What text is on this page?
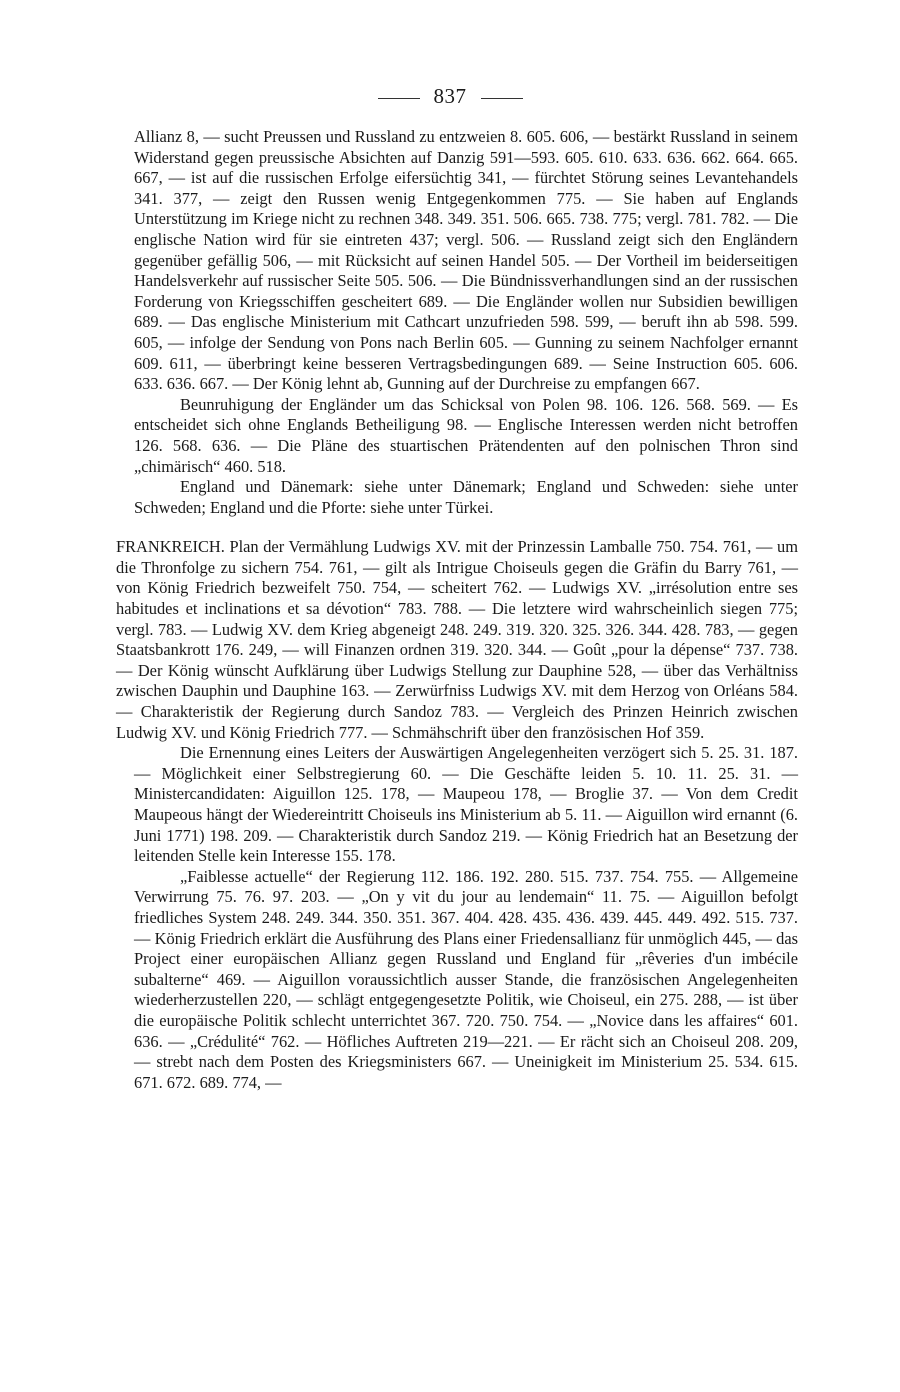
837

Allianz 8, — sucht Preussen und Russland zu entzweien 8. 605. 606, — bestärkt Russland in seinem Widerstand gegen preussische Absichten auf Danzig 591—593. 605. 610. 633. 636. 662. 664. 665. 667, — ist auf die russischen Erfolge eifersüchtig 341, — fürchtet Störung seines Levantehandels 341. 377, — zeigt den Russen wenig Entgegenkommen 775. — Sie haben auf Englands Unterstützung im Kriege nicht zu rechnen 348. 349. 351. 506. 665. 738. 775; vergl. 781. 782. — Die englische Nation wird für sie eintreten 437; vergl. 506. — Russland zeigt sich den Engländern gegenüber gefällig 506, — mit Rücksicht auf seinen Handel 505. — Der Vortheil im beiderseitigen Handelsverkehr auf russischer Seite 505. 506. — Die Bündnissverhandlungen sind an der russischen Forderung von Kriegsschiffen gescheitert 689. — Die Engländer wollen nur Subsidien bewilligen 689. — Das englische Ministerium mit Cathcart unzufrieden 598. 599, — beruft ihn ab 598. 599. 605, — infolge der Sendung von Pons nach Berlin 605. — Gunning zu seinem Nachfolger ernannt 609. 611, — überbringt keine besseren Vertragsbedingungen 689. — Seine Instruction 605. 606. 633. 636. 667. — Der König lehnt ab, Gunning auf der Durchreise zu empfangen 667.

Beunruhigung der Engländer um das Schicksal von Polen 98. 106. 126. 568. 569. — Es entscheidet sich ohne Englands Betheiligung 98. — Englische Interessen werden nicht betroffen 126. 568. 636. — Die Pläne des stuartischen Prätendenten auf den polnischen Thron sind „chimärisch“ 460. 518.

England und Dänemark: siehe unter Dänemark; England und Schweden: siehe unter Schweden; England und die Pforte: siehe unter Türkei.

FRANKREICH. Plan der Vermählung Ludwigs XV. mit der Prinzessin Lamballe 750. 754. 761, — um die Thronfolge zu sichern 754. 761, — gilt als Intrigue Choiseuls gegen die Gräfin du Barry 761, — von König Friedrich bezweifelt 750. 754, — scheitert 762. — Ludwigs XV. „irrésolution entre ses habitudes et inclinations et sa dévotion“ 783. 788. — Die letztere wird wahrscheinlich siegen 775; vergl. 783. — Ludwig XV. dem Krieg abgeneigt 248. 249. 319. 320. 325. 326. 344. 428. 783, — gegen Staatsbankrott 176. 249, — will Finanzen ordnen 319. 320. 344. — Goût „pour la dépense“ 737. 738. — Der König wünscht Aufklärung über Ludwigs Stellung zur Dauphine 528, — über das Verhältniss zwischen Dauphin und Dauphine 163. — Zerwürfniss Ludwigs XV. mit dem Herzog von Orléans 584. — Charakteristik der Regierung durch Sandoz 783. — Vergleich des Prinzen Heinrich zwischen Ludwig XV. und König Friedrich 777. — Schmähschrift über den französischen Hof 359.

Die Ernennung eines Leiters der Auswärtigen Angelegenheiten verzögert sich 5. 25. 31. 187. — Möglichkeit einer Selbstregierung 60. — Die Geschäfte leiden 5. 10. 11. 25. 31. — Ministercandidaten: Aiguillon 125. 178, — Maupeou 178, — Broglie 37. — Von dem Credit Maupeous hängt der Wiedereintritt Choiseuls ins Ministerium ab 5. 11. — Aiguillon wird ernannt (6. Juni 1771) 198. 209. — Charakteristik durch Sandoz 219. — König Friedrich hat an Besetzung der leitenden Stelle kein Interesse 155. 178.

„Faiblesse actuelle“ der Regierung 112. 186. 192. 280. 515. 737. 754. 755. — Allgemeine Verwirrung 75. 76. 97. 203. — „On y vit du jour au lendemain“ 11. 75. — Aiguillon befolgt friedliches System 248. 249. 344. 350. 351. 367. 404. 428. 435. 436. 439. 445. 449. 492. 515. 737. — König Friedrich erklärt die Ausführung des Plans einer Friedensallianz für unmöglich 445, — das Project einer europäischen Allianz gegen Russland und England für „rêveries d'un imbécile subalterne“ 469. — Aiguillon voraussichtlich ausser Stande, die französischen Angelegenheiten wiederherzustellen 220, — schlägt entgegengesetzte Politik, wie Choiseul, ein 275. 288, — ist über die europäische Politik schlecht unterrichtet 367. 720. 750. 754. — „Novice dans les affaires“ 601. 636. — „Crédulité“ 762. — Höfliches Auftreten 219—221. — Er rächt sich an Choiseul 208. 209, — strebt nach dem Posten des Kriegsministers 667. — Uneinigkeit im Ministerium 25. 534. 615. 671. 672. 689. 774, —
